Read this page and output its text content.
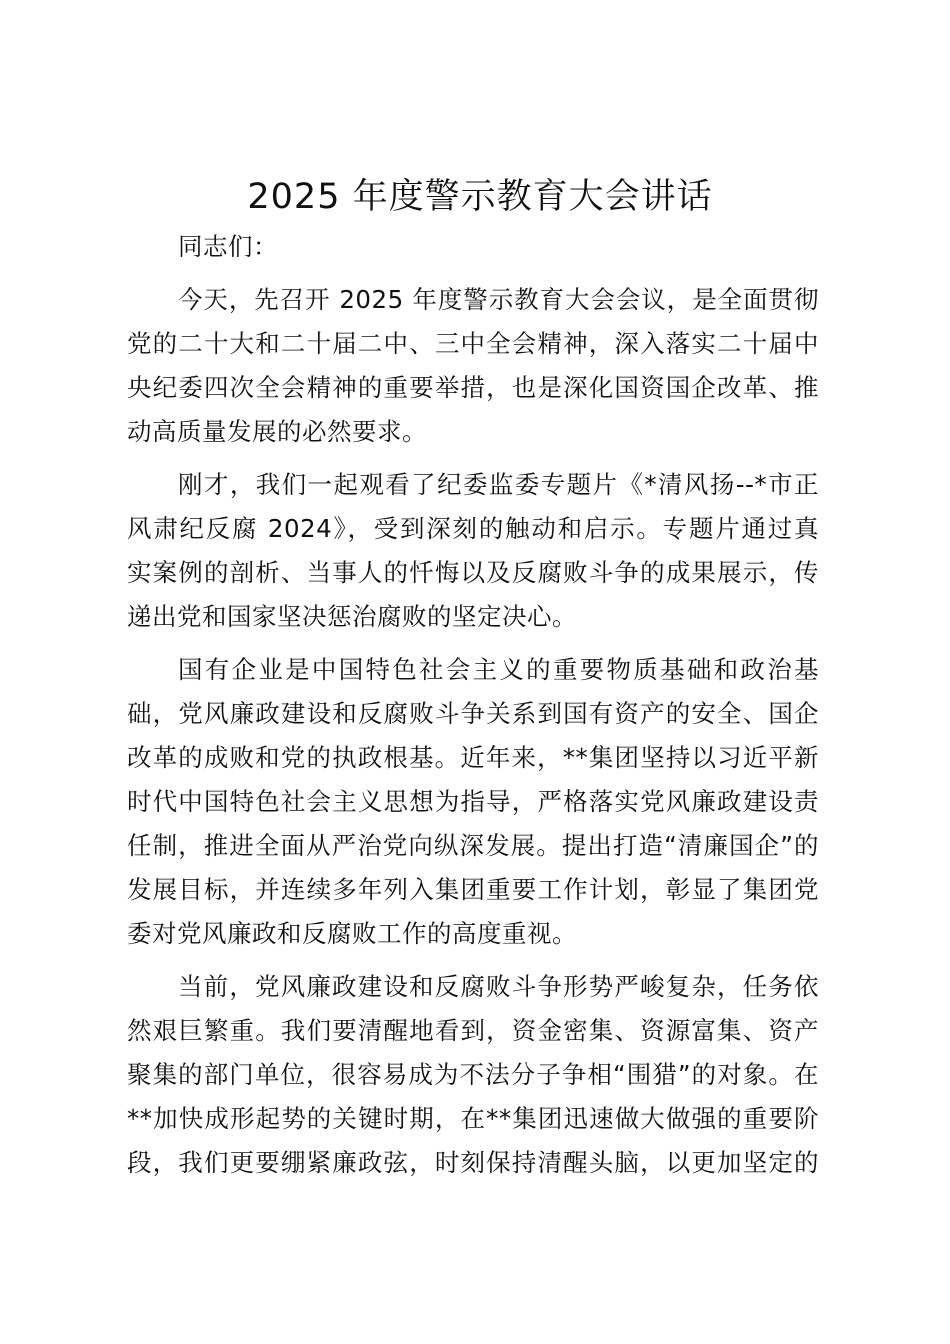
2025 年度警示教育大会讲话

同志们：

今天，先召开 2025 年度警示教育大会会议，是全面贯彻
党的二十大和二十届二中、三中全会精神，深入落实二十届中
央纪委四次全会精神的重要举措，也是深化国资国企改革、推
动高质量发展的必然要求。

刚才，我们一起观看了纪委监委专题片《*清风扬--*市正
风肃纪反腐 2024》，受到深刻的触动和启示。专题片通过真
实案例的剖析、当事人的忏悔以及反腐败斗争的成果展示，传
递出党和国家坚决惩治腐败的坚定决心。

国有企业是中国特色社会主义的重要物质基础和政治基
础，党风廉政建设和反腐败斗争关系到国有资产的安全、国企
改革的成败和党的执政根基。近年来，**集团坚持以习近平新
时代中国特色社会主义思想为指导，严格落实党风廉政建设责
任制，推进全面从严治党向纵深发展。提出打造“清廉国企”的
发展目标，并连续多年列入集团重要工作计划，彰显了集团党
委对党风廉政和反腐败工作的高度重视。

当前，党风廉政建设和反腐败斗争形势严峻复杂，任务依
然艰巨繁重。我们要清醒地看到，资金密集、资源富集、资产
聚集的部门单位，很容易成为不法分子争相“围猎”的对象。在
**加快成形起势的关键时期，在**集团迅速做大做强的重要阶
段，我们更要绷紧廉政弦，时刻保持清醒头脑，以更加坚定的
